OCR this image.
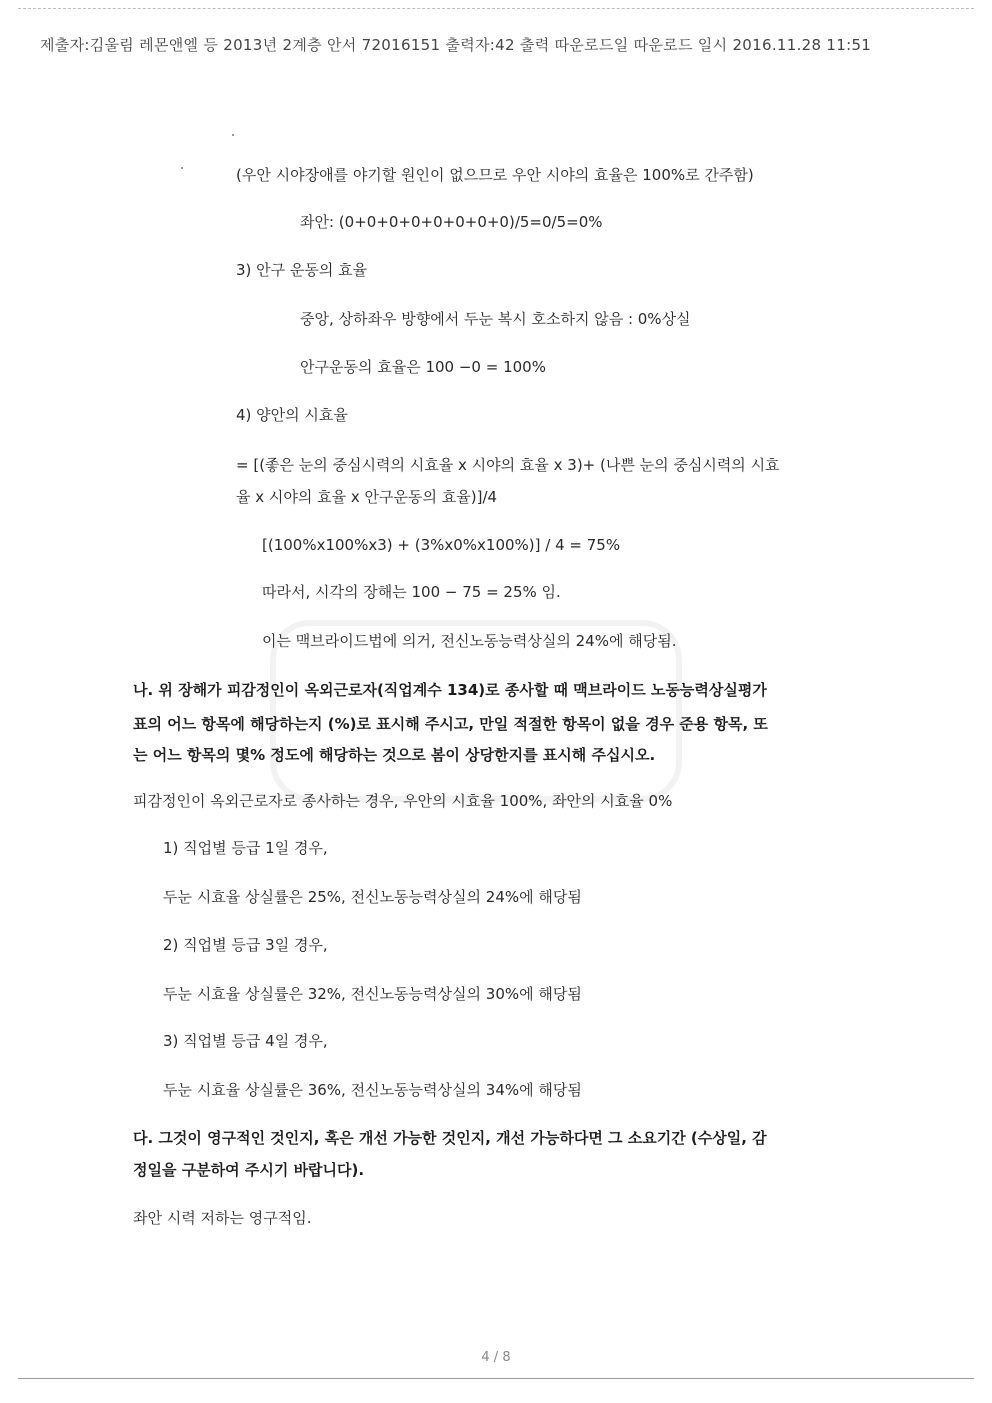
제출자:김울림 레몬앤엘 등 2013년 2계층 안서 72016151 출력자:42 출력 따운로드일 따운로드 일시 2016.11.28 11:51
(우안 시야장애를 야기할 원인이 없으므로 우안 시야의 효율은 100%로 간주함)
좌안: (0+0+0+0+0+0+0+0)/5=0/5=0%
3) 안구 운동의 효율
중앙, 상하좌우 방향에서 두눈 복시 호소하지 않음 : 0%상실
안구운동의 효율은 100 −0 = 100%
4) 양안의 시효율
= [(좋은 눈의 중심시력의 시효율 x 시야의 효율 x 3)+ (나쁜 눈의 중심시력의 시효
율 x 시야의 효율 x 안구운동의 효율)]/4
[(100%x100%x3) + (3%x0%x100%)] / 4 = 75%
따라서, 시각의 장해는 100 − 75 = 25% 임.
이는 맥브라이드법에 의거, 전신노동능력상실의 24%에 해당됨.
나. 위 장해가 피감정인이 옥외근로자(직업계수 134)로 종사할 때 맥브라이드 노동능력상실평가
표의 어느 항목에 해당하는지 (%)로 표시해 주시고, 만일 적절한 항목이 없을 경우 준용 항목, 또
는 어느 항목의 몇% 정도에 해당하는 것으로 봄이 상당한지를 표시해 주십시오.
피감정인이 옥외근로자로 종사하는 경우, 우안의 시효율 100%, 좌안의 시효율 0%
1) 직업별 등급 1일 경우,
두눈 시효율 상실률은 25%, 전신노동능력상실의 24%에 해당됨
2) 직업별 등급 3일 경우,
두눈 시효율 상실률은 32%, 전신노동능력상실의 30%에 해당됨
3) 직업별 등급 4일 경우,
두눈 시효율 상실률은 36%, 전신노동능력상실의 34%에 해당됨
다. 그것이 영구적인 것인지, 혹은 개선 가능한 것인지, 개선 가능하다면 그 소요기간 (수상일, 감
정일을 구분하여 주시기 바랍니다).
좌안 시력 저하는 영구적임.
4 / 8
